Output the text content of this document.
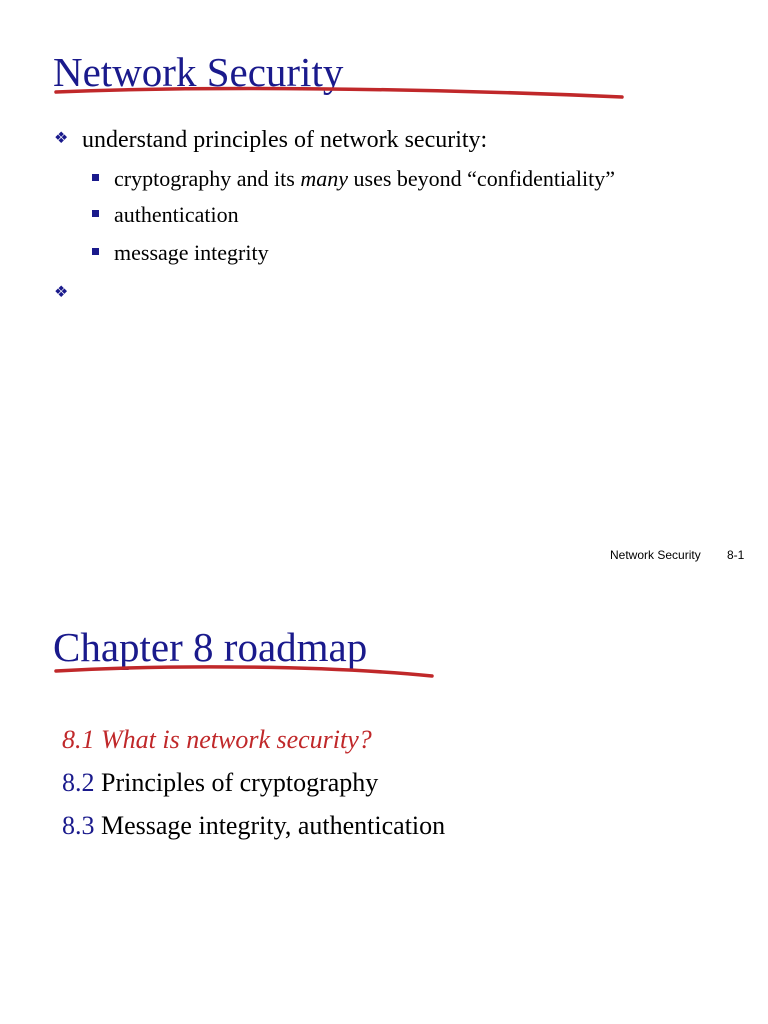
Network Security
❖ understand principles of network security:
cryptography and its many uses beyond “confidentiality”
authentication
message integrity
❖
Network Security 8-1
Chapter 8 roadmap
8.1 What is network security?
8.2 Principles of cryptography
8.3 Message integrity, authentication
